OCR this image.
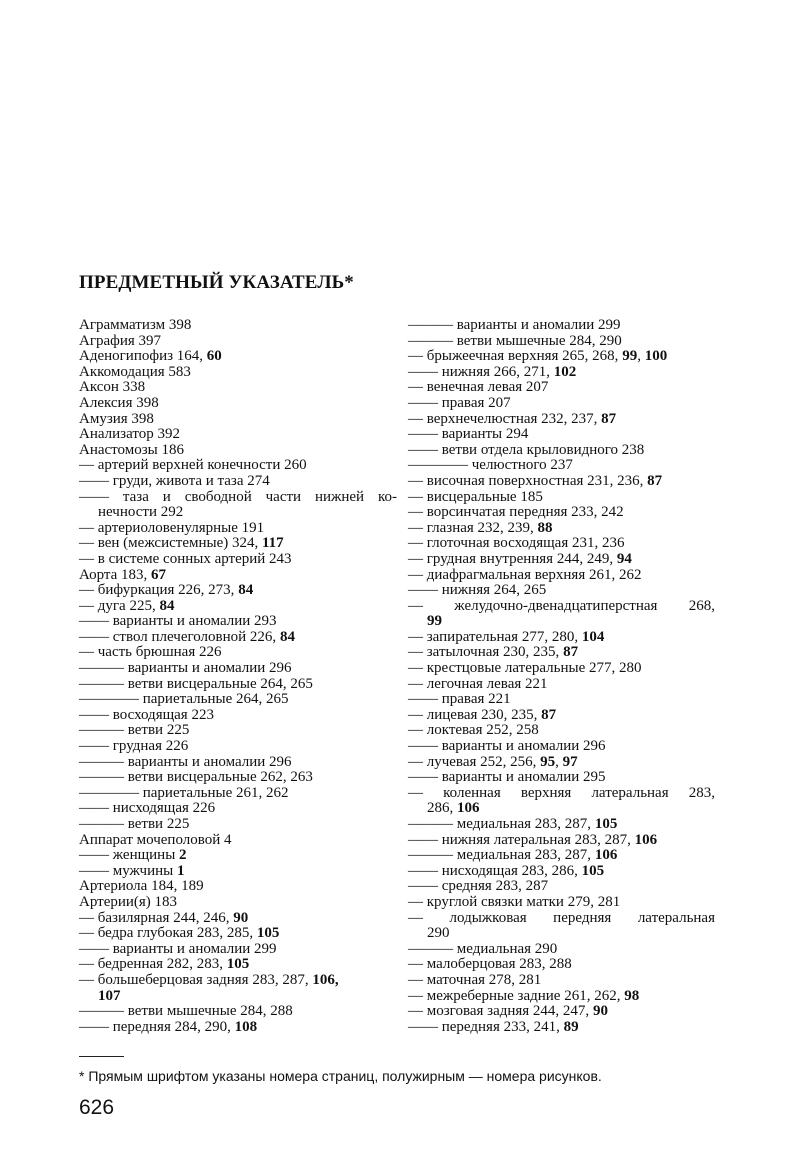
ПРЕДМЕТНЫЙ УКАЗАТЕЛЬ*
Аграмматизм 398
Аграфия 397
Аденогипофиз 164, 60
Аккомодация 583
Аксон 338
Алексия 398
Амузия 398
Анализатор 392
Анастомозы 186
— артерий верхней конечности 260
—— груди, живота и таза 274
—— таза и свободной части нижней ко-
нечности 292
— артериоловенулярные 191
— вен (межсистемные) 324, 117
— в системе сонных артерий 243
Аорта 183, 67
— бифуркация 226, 273, 84
— дуга 225, 84
—— варианты и аномалии 293
—— ствол плечеголовной 226, 84
— часть брюшная 226
——— варианты и аномалии 296
——— ветви висцеральные 264, 265
———— париетальные 264, 265
—— восходящая 223
——— ветви 225
—— грудная 226
——— варианты и аномалии 296
——— ветви висцеральные 262, 263
———— париетальные 261, 262
—— нисходящая 226
——— ветви 225
Аппарат мочеполовой 4
—— женщины 2
—— мужчины 1
Артериола 184, 189
Артерии(я) 183
— базилярная 244, 246, 90
— бедра глубокая 283, 285, 105
—— варианты и аномалии 299
— бедренная 282, 283, 105
— большеберцовая задняя 283, 287, 106,
107
——— ветви мышечные 284, 288
—— передняя 284, 290, 108
——— варианты и аномалии 299
——— ветви мышечные 284, 290
— брыжеечная верхняя 265, 268, 99, 100
—— нижняя 266, 271, 102
— венечная левая 207
—— правая 207
— верхнечелюстная 232, 237, 87
—— варианты 294
—— ветви отдела крыловидного 238
———— челюстного 237
— височная поверхностная 231, 236, 87
— висцеральные 185
— ворсинчатая передняя 233, 242
— глазная 232, 239, 88
— глоточная восходящая 231, 236
— грудная внутренняя 244, 249, 94
— диафрагмальная верхняя 261, 262
—— нижняя 264, 265
— желудочно-двенадцатиперстная 268,
99
— запирательная 277, 280, 104
— затылочная 230, 235, 87
— крестцовые латеральные 277, 280
— легочная левая 221
—— правая 221
— лицевая 230, 235, 87
— локтевая 252, 258
—— варианты и аномалии 296
— лучевая 252, 256, 95, 97
—— варианты и аномалии 295
— коленная верхняя латеральная 283,
286, 106
——— медиальная 283, 287, 105
—— нижняя латеральная 283, 287, 106
——— медиальная 283, 287, 106
—— нисходящая 283, 286, 105
—— средняя 283, 287
— круглой связки матки 279, 281
— лодыжковая передняя латеральная
290
——— медиальная 290
— малоберцовая 283, 288
— маточная 278, 281
— межреберные задние 261, 262, 98
— мозговая задняя 244, 247, 90
—— передняя 233, 241, 89
* Прямым шрифтом указаны номера страниц, полужирным — номера рисунков.
626
